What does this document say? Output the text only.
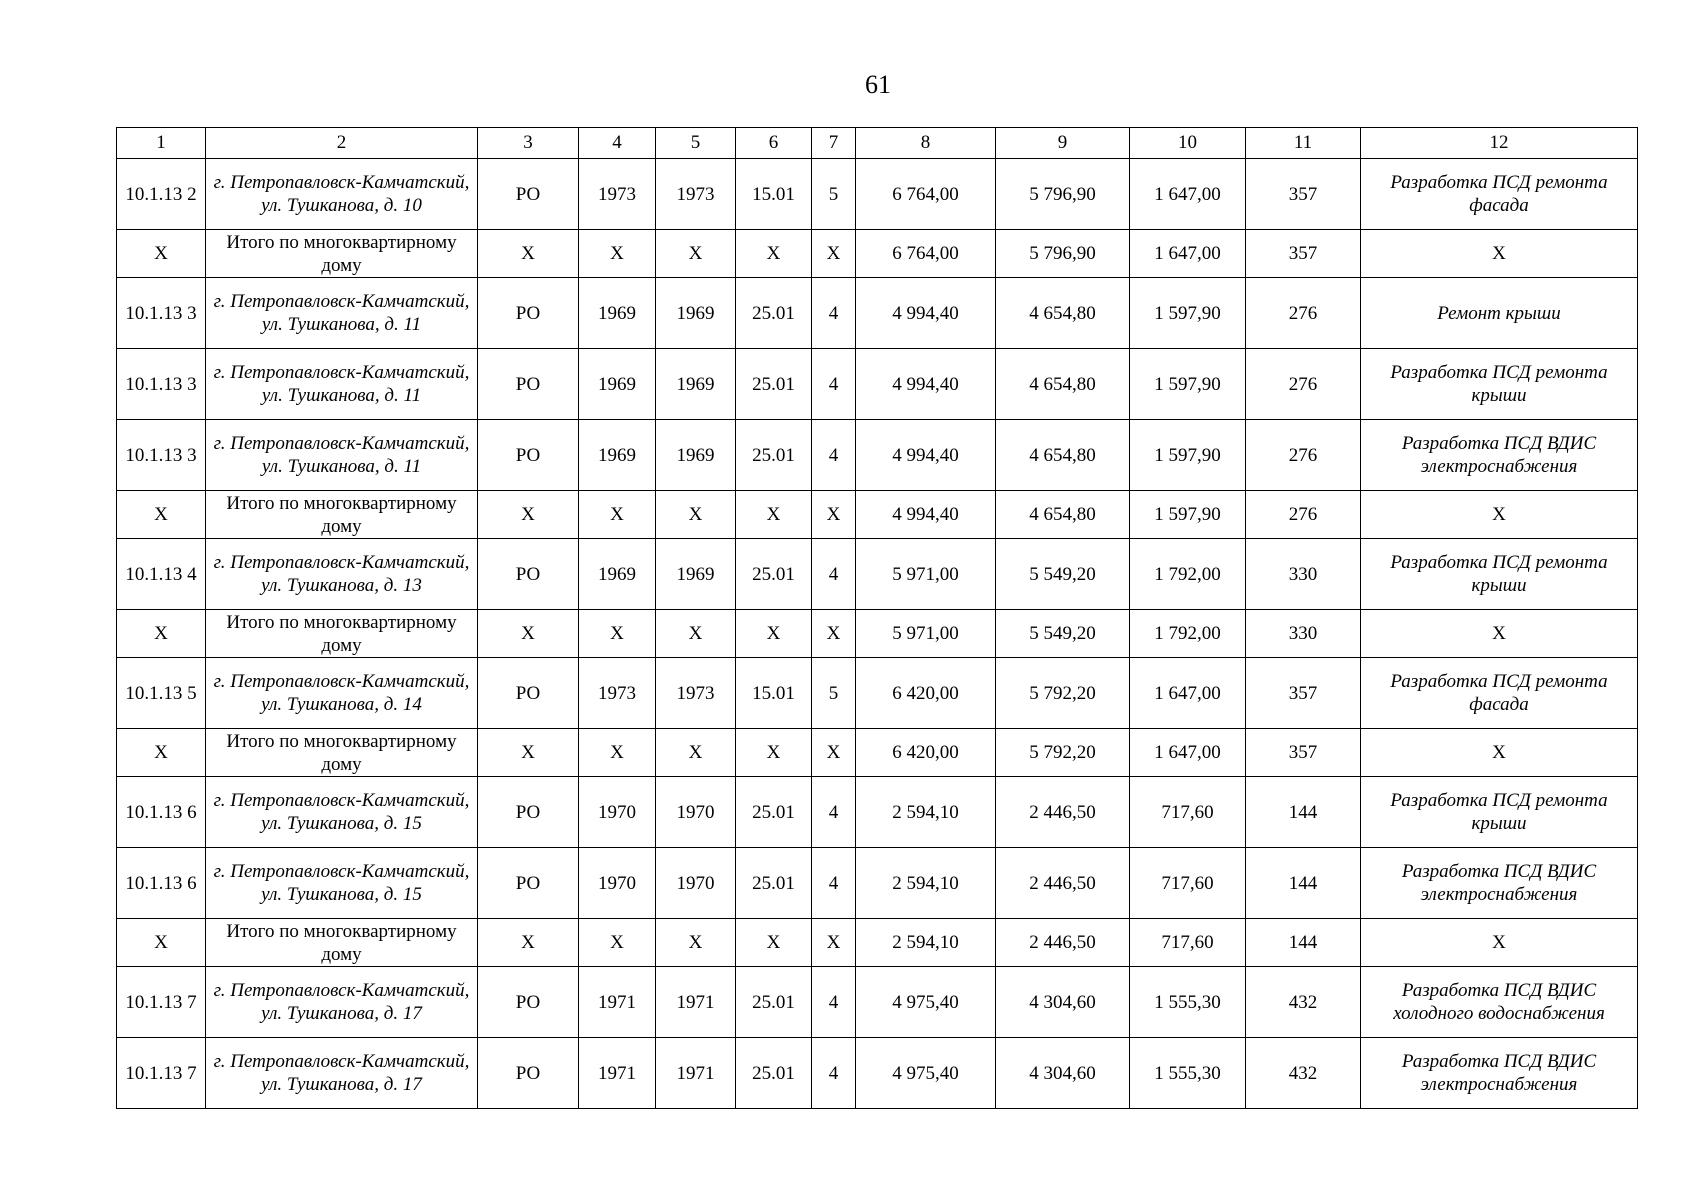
61
1	2	3	4	5	6	7	8	9	10	11	12
10.1.13 2	г. Петропавловск-Камчатский, ул. Тушканова, д. 10	РО	1973	1973	15.01	5	6 764,00	5 796,90	1 647,00	357	Разработка ПСД ремонта фасада
X	Итого по многоквартирному дому	X	X	X	X	X	6 764,00	5 796,90	1 647,00	357	X
10.1.13 3	г. Петропавловск-Камчатский, ул. Тушканова, д. 11	РО	1969	1969	25.01	4	4 994,40	4 654,80	1 597,90	276	Ремонт крыши
10.1.13 3	г. Петропавловск-Камчатский, ул. Тушканова, д. 11	РО	1969	1969	25.01	4	4 994,40	4 654,80	1 597,90	276	Разработка ПСД ремонта крыши
10.1.13 3	г. Петропавловск-Камчатский, ул. Тушканова, д. 11	РО	1969	1969	25.01	4	4 994,40	4 654,80	1 597,90	276	Разработка ПСД ВДИС электроснабжения
X	Итого по многоквартирному дому	X	X	X	X	X	4 994,40	4 654,80	1 597,90	276	X
10.1.13 4	г. Петропавловск-Камчатский, ул. Тушканова, д. 13	РО	1969	1969	25.01	4	5 971,00	5 549,20	1 792,00	330	Разработка ПСД ремонта крыши
X	Итого по многоквартирному дому	X	X	X	X	X	5 971,00	5 549,20	1 792,00	330	X
10.1.13 5	г. Петропавловск-Камчатский, ул. Тушканова, д. 14	РО	1973	1973	15.01	5	6 420,00	5 792,20	1 647,00	357	Разработка ПСД ремонта фасада
X	Итого по многоквартирному дому	X	X	X	X	X	6 420,00	5 792,20	1 647,00	357	X
10.1.13 6	г. Петропавловск-Камчатский, ул. Тушканова, д. 15	РО	1970	1970	25.01	4	2 594,10	2 446,50	717,60	144	Разработка ПСД ремонта крыши
10.1.13 6	г. Петропавловск-Камчатский, ул. Тушканова, д. 15	РО	1970	1970	25.01	4	2 594,10	2 446,50	717,60	144	Разработка ПСД ВДИС электроснабжения
X	Итого по многоквартирному дому	X	X	X	X	X	2 594,10	2 446,50	717,60	144	X
10.1.13 7	г. Петропавловск-Камчатский, ул. Тушканова, д. 17	РО	1971	1971	25.01	4	4 975,40	4 304,60	1 555,30	432	Разработка ПСД ВДИС холодного водоснабжения
10.1.13 7	г. Петропавловск-Камчатский, ул. Тушканова, д. 17	РО	1971	1971	25.01	4	4 975,40	4 304,60	1 555,30	432	Разработка ПСД ВДИС электроснабжения
